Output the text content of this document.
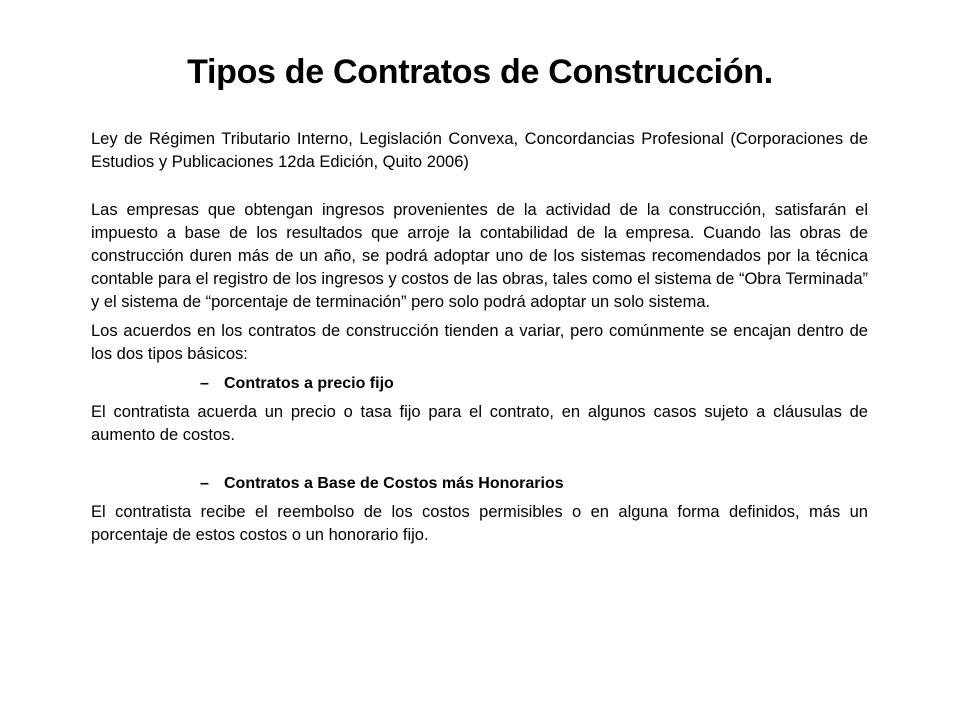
Tipos de Contratos de Construcción.

Ley de Régimen Tributario Interno, Legislación Convexa, Concordancias Profesional (Corporaciones de Estudios y Publicaciones 12da Edición, Quito 2006)

Las empresas que obtengan ingresos provenientes de la actividad de la construcción, satisfarán el impuesto a base de los resultados que arroje la contabilidad de la empresa. Cuando las obras de construcción duren más de un año, se podrá adoptar uno de los sistemas recomendados por la técnica contable para el registro de los ingresos y costos de las obras, tales como el sistema de “Obra Terminada” y el sistema de “porcentaje de terminación” pero solo podrá adoptar un solo sistema.

Los acuerdos en los contratos de construcción tienden a variar, pero comúnmente se encajan dentro de los dos tipos básicos:

– Contratos a precio fijo

El contratista acuerda un precio o tasa fijo para el contrato, en algunos casos sujeto a cláusulas de aumento de costos.

– Contratos a Base de Costos más Honorarios

El contratista recibe el reembolso de los costos permisibles o en alguna forma definidos, más un porcentaje de estos costos o un honorario fijo.
